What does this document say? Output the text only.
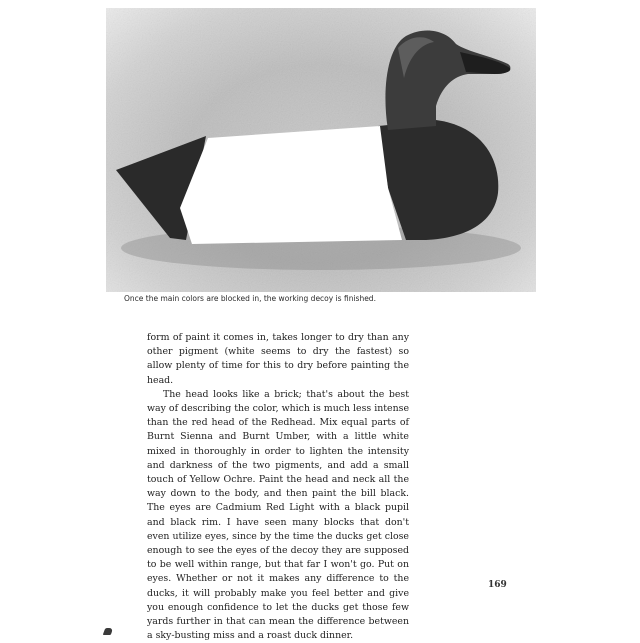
Once the main colors are blocked in, the working decoy is finished.

form of paint it comes in, takes longer to dry than any other pigment (white seems to dry the fastest) so allow plenty of time for this to dry before painting the head.

The head looks like a brick; that's about the best way of describing the color, which is much less intense than the red head of the Redhead. Mix equal parts of Burnt Sienna and Burnt Umber, with a little white mixed in thoroughly in order to lighten the intensity and darkness of the two pigments, and add a small touch of Yellow Ochre. Paint the head and neck all the way down to the body, and then paint the bill black. The eyes are Cadmium Red Light with a black pupil and black rim. I have seen many blocks that don't even utilize eyes, since by the time the ducks get close enough to see the eyes of the decoy they are supposed to be well within range, but that far I won't go. Put on eyes. Whether or not it makes any difference to the ducks, it will probably make you feel better and give you enough confidence to let the ducks get those few yards further in that can mean the difference between a sky-busting miss and a roast duck dinner.

169
